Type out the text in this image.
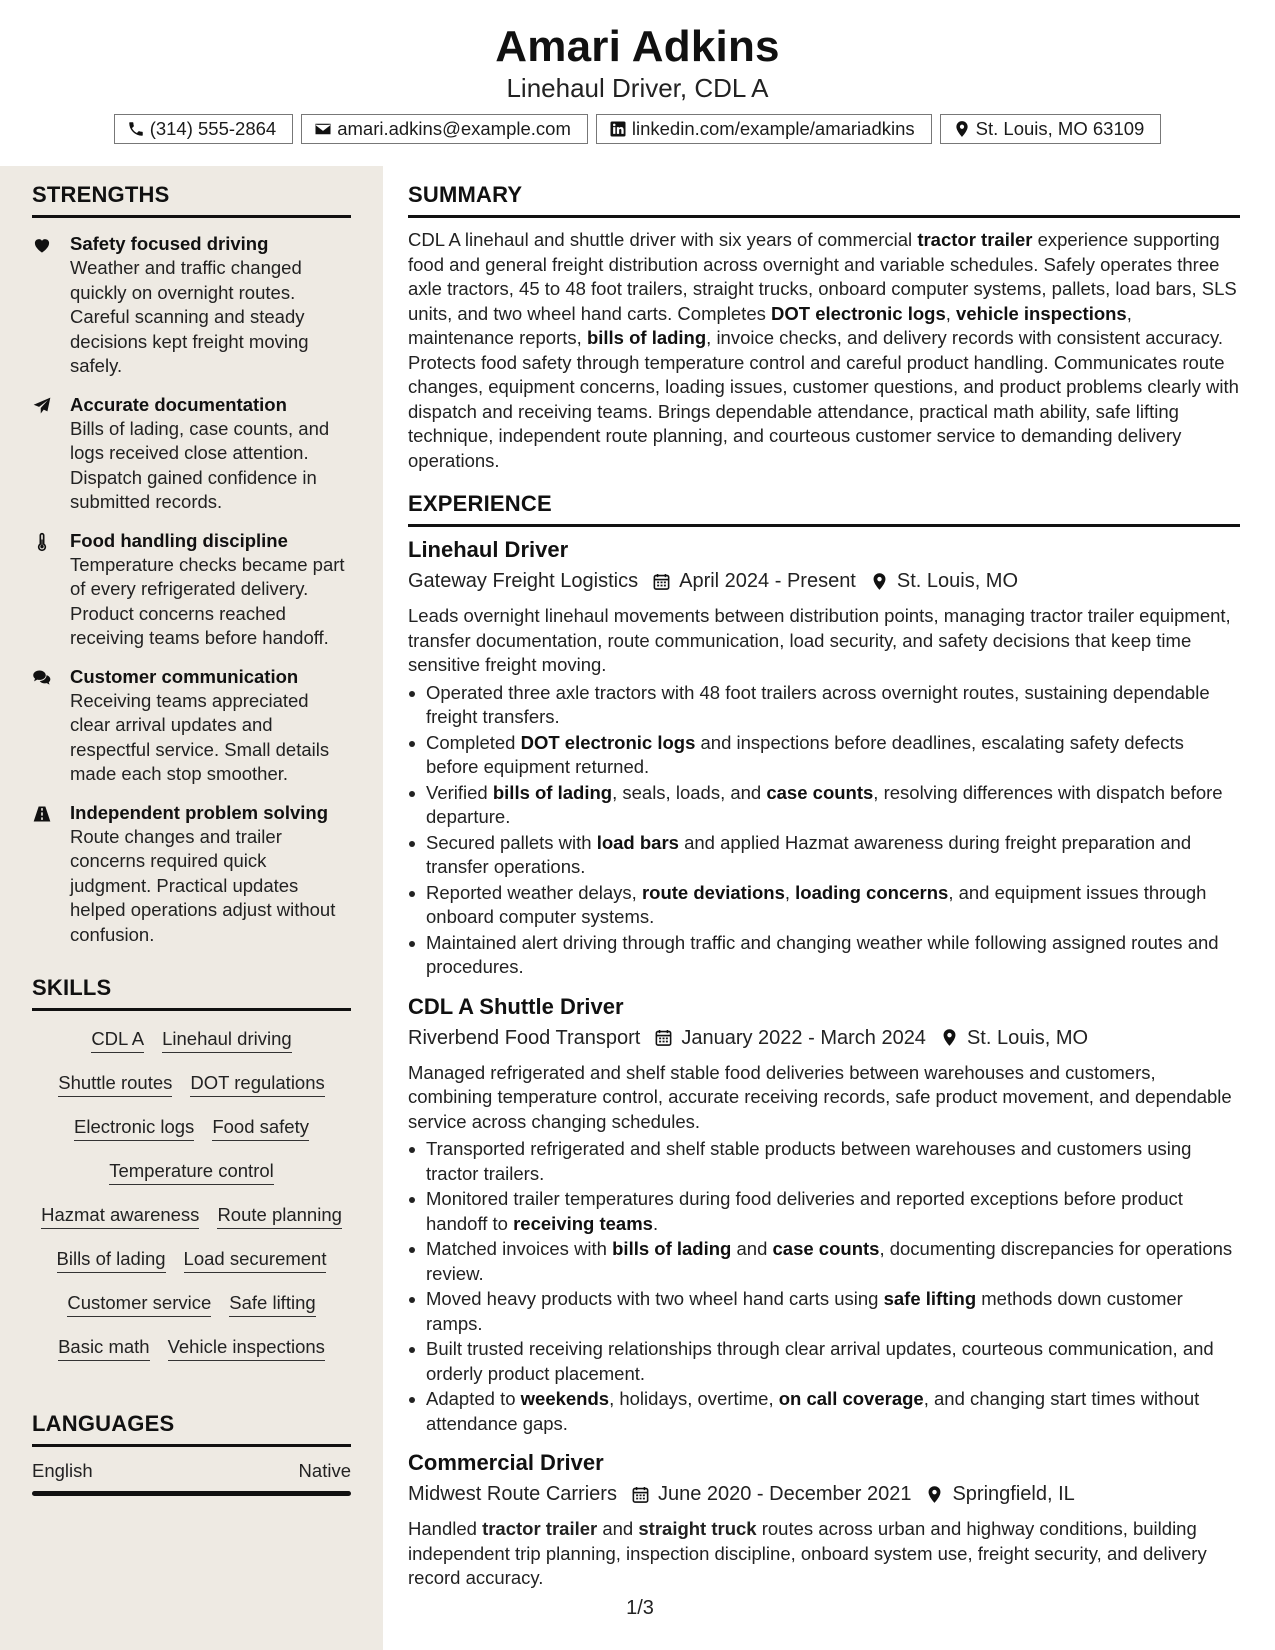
Amari Adkins
Linehaul Driver, CDL A
(314) 555-2864	amari.adkins@example.com	linkedin.com/example/amariadkins	St. Louis, MO 63109
STRENGTHS
Safety focused driving
Weather and traffic changed quickly on overnight routes. Careful scanning and steady decisions kept freight moving safely.
Accurate documentation
Bills of lading, case counts, and logs received close attention. Dispatch gained confidence in submitted records.
Food handling discipline
Temperature checks became part of every refrigerated delivery. Product concerns reached receiving teams before handoff.
Customer communication
Receiving teams appreciated clear arrival updates and respectful service. Small details made each stop smoother.
Independent problem solving
Route changes and trailer concerns required quick judgment. Practical updates helped operations adjust without confusion.
SKILLS
CDL A Linehaul driving
Shuttle routes DOT regulations
Electronic logs Food safety
Temperature control
Hazmat awareness Route planning
Bills of lading Load securement
Customer service Safe lifting
Basic math Vehicle inspections
LANGUAGES
English	Native
SUMMARY
CDL A linehaul and shuttle driver with six years of commercial tractor trailer experience supporting food and general freight distribution across overnight and variable schedules. Safely operates three axle tractors, 45 to 48 foot trailers, straight trucks, onboard computer systems, pallets, load bars, SLS units, and two wheel hand carts. Completes DOT electronic logs, vehicle inspections, maintenance reports, bills of lading, invoice checks, and delivery records with consistent accuracy. Protects food safety through temperature control and careful product handling. Communicates route changes, equipment concerns, loading issues, customer questions, and product problems clearly with dispatch and receiving teams. Brings dependable attendance, practical math ability, safe lifting technique, independent route planning, and courteous customer service to demanding delivery operations.
EXPERIENCE
Linehaul Driver
Gateway Freight Logistics April 2024 - Present St. Louis, MO
Leads overnight linehaul movements between distribution points, managing tractor trailer equipment, transfer documentation, route communication, load security, and safety decisions that keep time sensitive freight moving.
Operated three axle tractors with 48 foot trailers across overnight routes, sustaining dependable freight transfers.
Completed DOT electronic logs and inspections before deadlines, escalating safety defects before equipment returned.
Verified bills of lading, seals, loads, and case counts, resolving differences with dispatch before departure.
Secured pallets with load bars and applied Hazmat awareness during freight preparation and transfer operations.
Reported weather delays, route deviations, loading concerns, and equipment issues through onboard computer systems.
Maintained alert driving through traffic and changing weather while following assigned routes and procedures.
CDL A Shuttle Driver
Riverbend Food Transport January 2022 - March 2024 St. Louis, MO
Managed refrigerated and shelf stable food deliveries between warehouses and customers, combining temperature control, accurate receiving records, safe product movement, and dependable service across changing schedules.
Transported refrigerated and shelf stable products between warehouses and customers using tractor trailers.
Monitored trailer temperatures during food deliveries and reported exceptions before product handoff to receiving teams.
Matched invoices with bills of lading and case counts, documenting discrepancies for operations review.
Moved heavy products with two wheel hand carts using safe lifting methods down customer ramps.
Built trusted receiving relationships through clear arrival updates, courteous communication, and orderly product placement.
Adapted to weekends, holidays, overtime, on call coverage, and changing start times without attendance gaps.
Commercial Driver
Midwest Route Carriers June 2020 - December 2021 Springfield, IL
Handled tractor trailer and straight truck routes across urban and highway conditions, building independent trip planning, inspection discipline, onboard system use, freight security, and delivery record accuracy.
1/3
